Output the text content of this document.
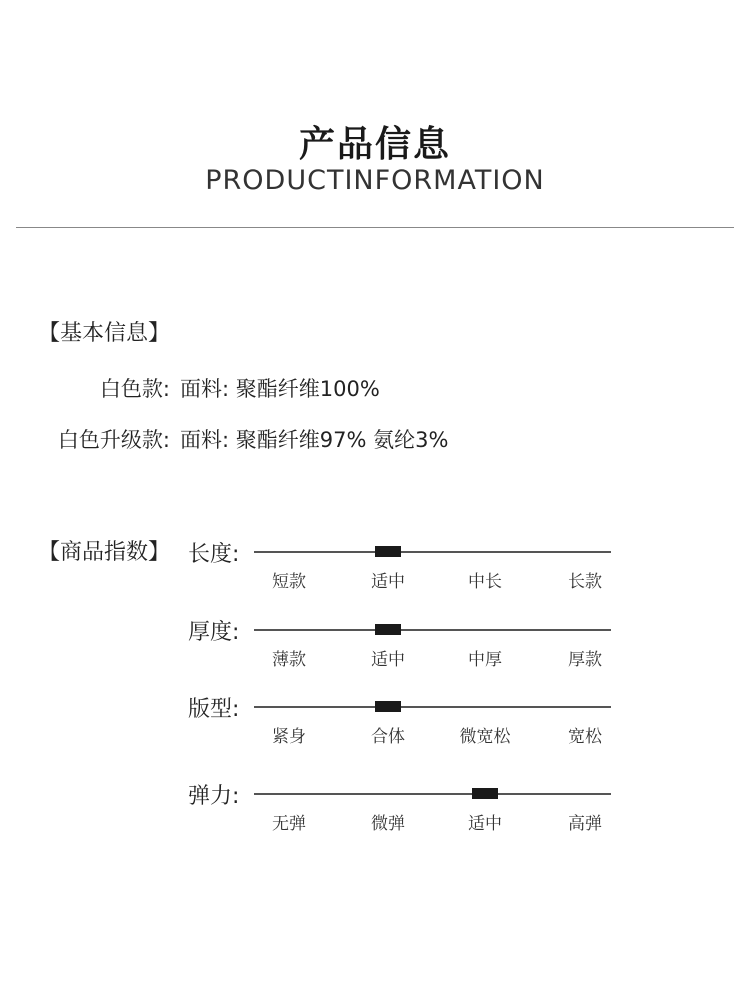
产品信息
PRODUCTINFORMATION
【基本信息】
白色款: 面料: 聚酯纤维100%
白色升级款: 面料: 聚酯纤维97% 氨纶3%
【商品指数】 长度:
短款	适中	中长	长款
厚度:
薄款	适中	中厚	厚款
版型:
紧身	合体	微宽松	宽松
弹力:
无弹	微弹	适中	高弹
